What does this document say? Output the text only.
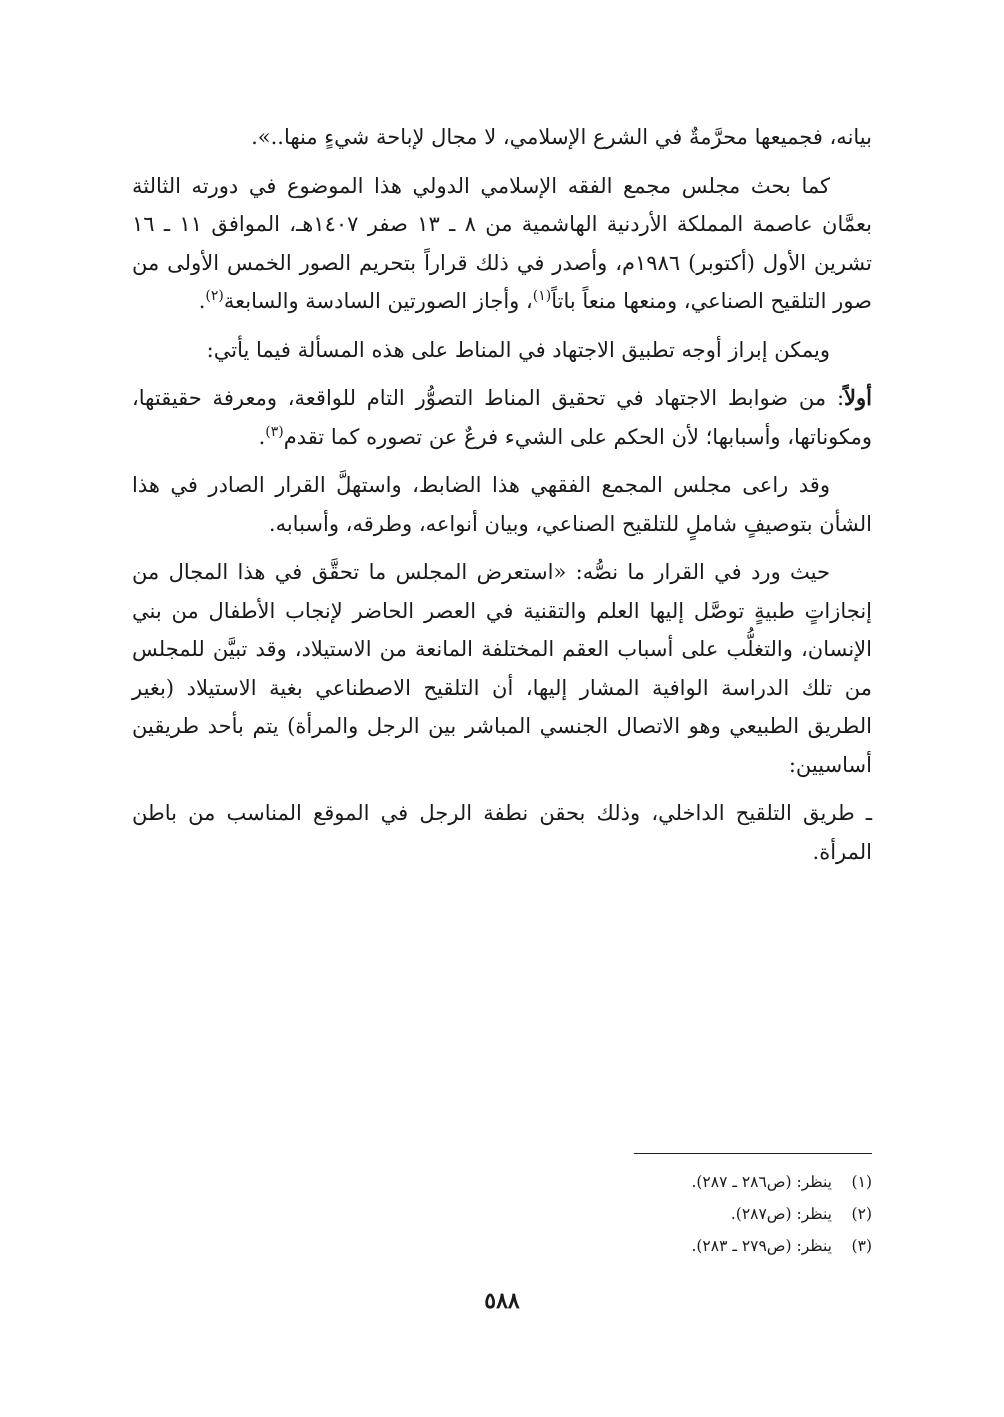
بيانه، فجميعها محرَّمةٌ في الشرع الإسلامي، لا مجال لإباحة شيءٍ منها..».

كما بحث مجلس مجمع الفقه الإسلامي الدولي هذا الموضوع في دورته الثالثة بعمَّان عاصمة المملكة الأردنية الهاشمية من ٨ ـ ١٣ صفر ١٤٠٧هـ، الموافق ١١ ـ ١٦ تشرين الأول (أكتوبر) ١٩٨٦م، وأصدر في ذلك قراراً بتحريم الصور الخمس الأولى من صور التلقيح الصناعي، ومنعها منعاً باتاً$^{(١)}$، وأجاز الصورتين السادسة والسابعة$^{(٢)}$.

ويمكن إبراز أوجه تطبيق الاجتهاد في المناط على هذه المسألة فيما يأتي:

أولاً: من ضوابط الاجتهاد في تحقيق المناط التصوُّر التام للواقعة، ومعرفة حقيقتها، ومكوناتها، وأسبابها؛ لأن الحكم على الشيء فرعٌ عن تصوره كما تقدم$^{(٣)}$.

وقد راعى مجلس المجمع الفقهي هذا الضابط، واستهلَّ القرار الصادر في هذا الشأن بتوصيفٍ شاملٍ للتلقيح الصناعي، وبيان أنواعه، وطرقه، وأسبابه.

حيث ورد في القرار ما نصُّه: «استعرض المجلس ما تحقَّق في هذا المجال من إنجازاتٍ طبيةٍ توصَّل إليها العلم والتقنية في العصر الحاضر لإنجاب الأطفال من بني الإنسان، والتغلُّب على أسباب العقم المختلفة المانعة من الاستيلاد، وقد تبيَّن للمجلس من تلك الدراسة الوافية المشار إليها، أن التلقيح الاصطناعي بغية الاستيلاد (بغير الطريق الطبيعي وهو الاتصال الجنسي المباشر بين الرجل والمرأة) يتم بأحد طريقين أساسيين:

ـ طريق التلقيح الداخلي، وذلك بحقن نطفة الرجل في الموقع المناسب من باطن المرأة.

(١)ينظر: (ص٢٨٦ ـ ٢٨٧).
(٢)ينظر: (ص٢٨٧).
(٣)ينظر: (ص٢٧٩ ـ ٢٨٣).
٥٨٨
